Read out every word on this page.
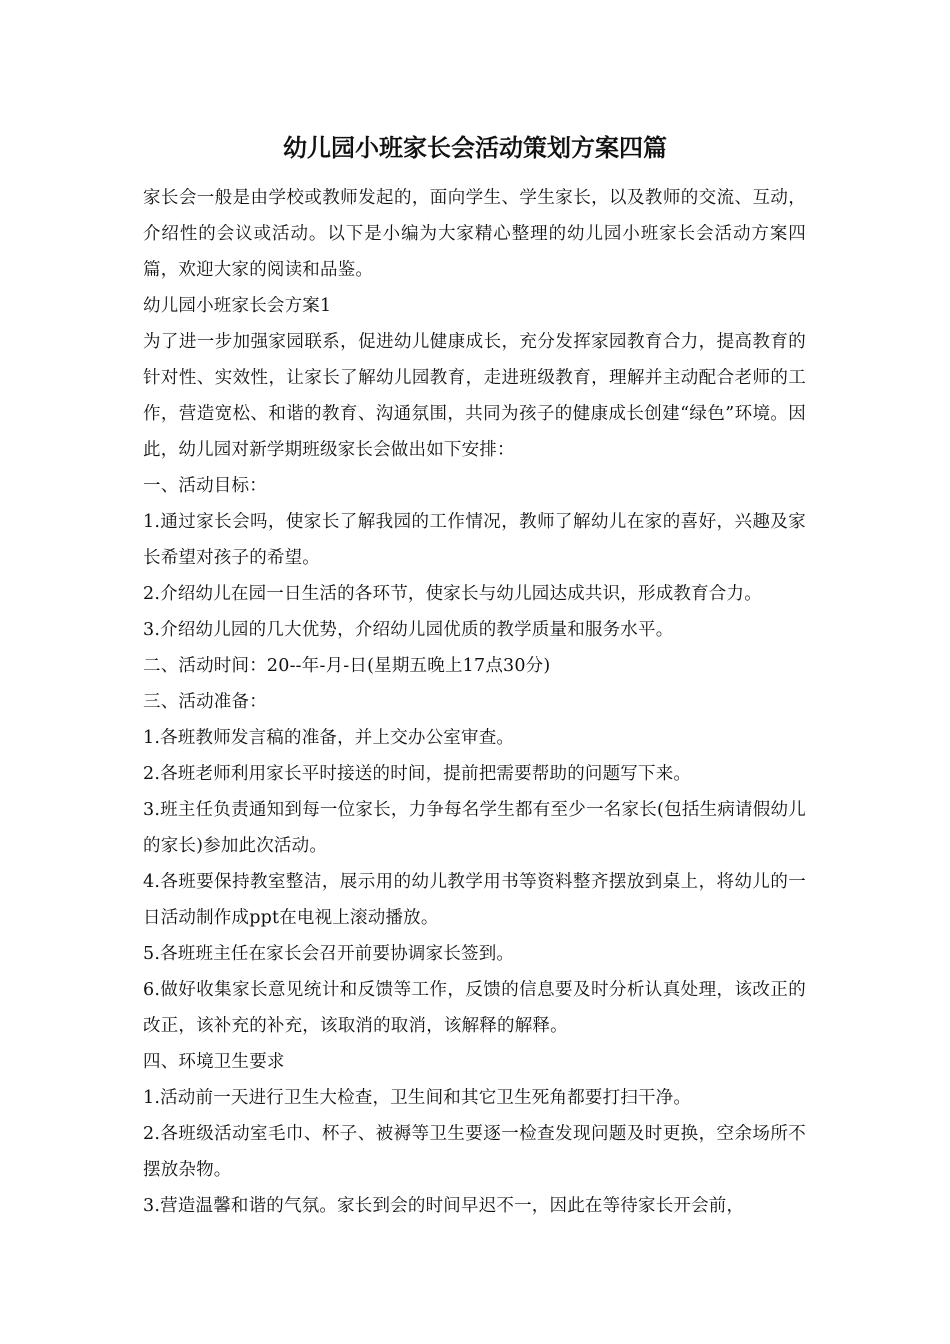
幼儿园小班家长会活动策划方案四篇

家长会一般是由学校或教师发起的，面向学生、学生家长，以及教师的交流、互动，介绍性的会议或活动。以下是小编为大家精心整理的幼儿园小班家长会活动方案四篇，欢迎大家的阅读和品鉴。

幼儿园小班家长会方案1

为了进一步加强家园联系，促进幼儿健康成长，充分发挥家园教育合力，提高教育的针对性、实效性，让家长了解幼儿园教育，走进班级教育，理解并主动配合老师的工作，营造宽松、和谐的教育、沟通氛围，共同为孩子的健康成长创建“绿色”环境。因此，幼儿园对新学期班级家长会做出如下安排：

一、活动目标：

1.通过家长会吗，使家长了解我园的工作情况，教师了解幼儿在家的喜好，兴趣及家长希望对孩子的希望。

2.介绍幼儿在园一日生活的各环节，使家长与幼儿园达成共识，形成教育合力。

3.介绍幼儿园的几大优势，介绍幼儿园优质的教学质量和服务水平。

二、活动时间：20--年-月-日(星期五晚上17点30分)

三、活动准备：

1.各班教师发言稿的准备，并上交办公室审查。

2.各班老师利用家长平时接送的时间，提前把需要帮助的问题写下来。

3.班主任负责通知到每一位家长，力争每名学生都有至少一名家长(包括生病请假幼儿的家长)参加此次活动。

4.各班要保持教室整洁，展示用的幼儿教学用书等资料整齐摆放到桌上，将幼儿的一日活动制作成ppt在电视上滚动播放。

5.各班班主任在家长会召开前要协调家长签到。

6.做好收集家长意见统计和反馈等工作，反馈的信息要及时分析认真处理，该改正的改正，该补充的补充，该取消的取消，该解释的解释。

四、环境卫生要求

1.活动前一天进行卫生大检查，卫生间和其它卫生死角都要打扫干净。

2.各班级活动室毛巾、杯子、被褥等卫生要逐一检查发现问题及时更换，空余场所不摆放杂物。

3.营造温馨和谐的气氛。家长到会的时间早迟不一，因此在等待家长开会前，
